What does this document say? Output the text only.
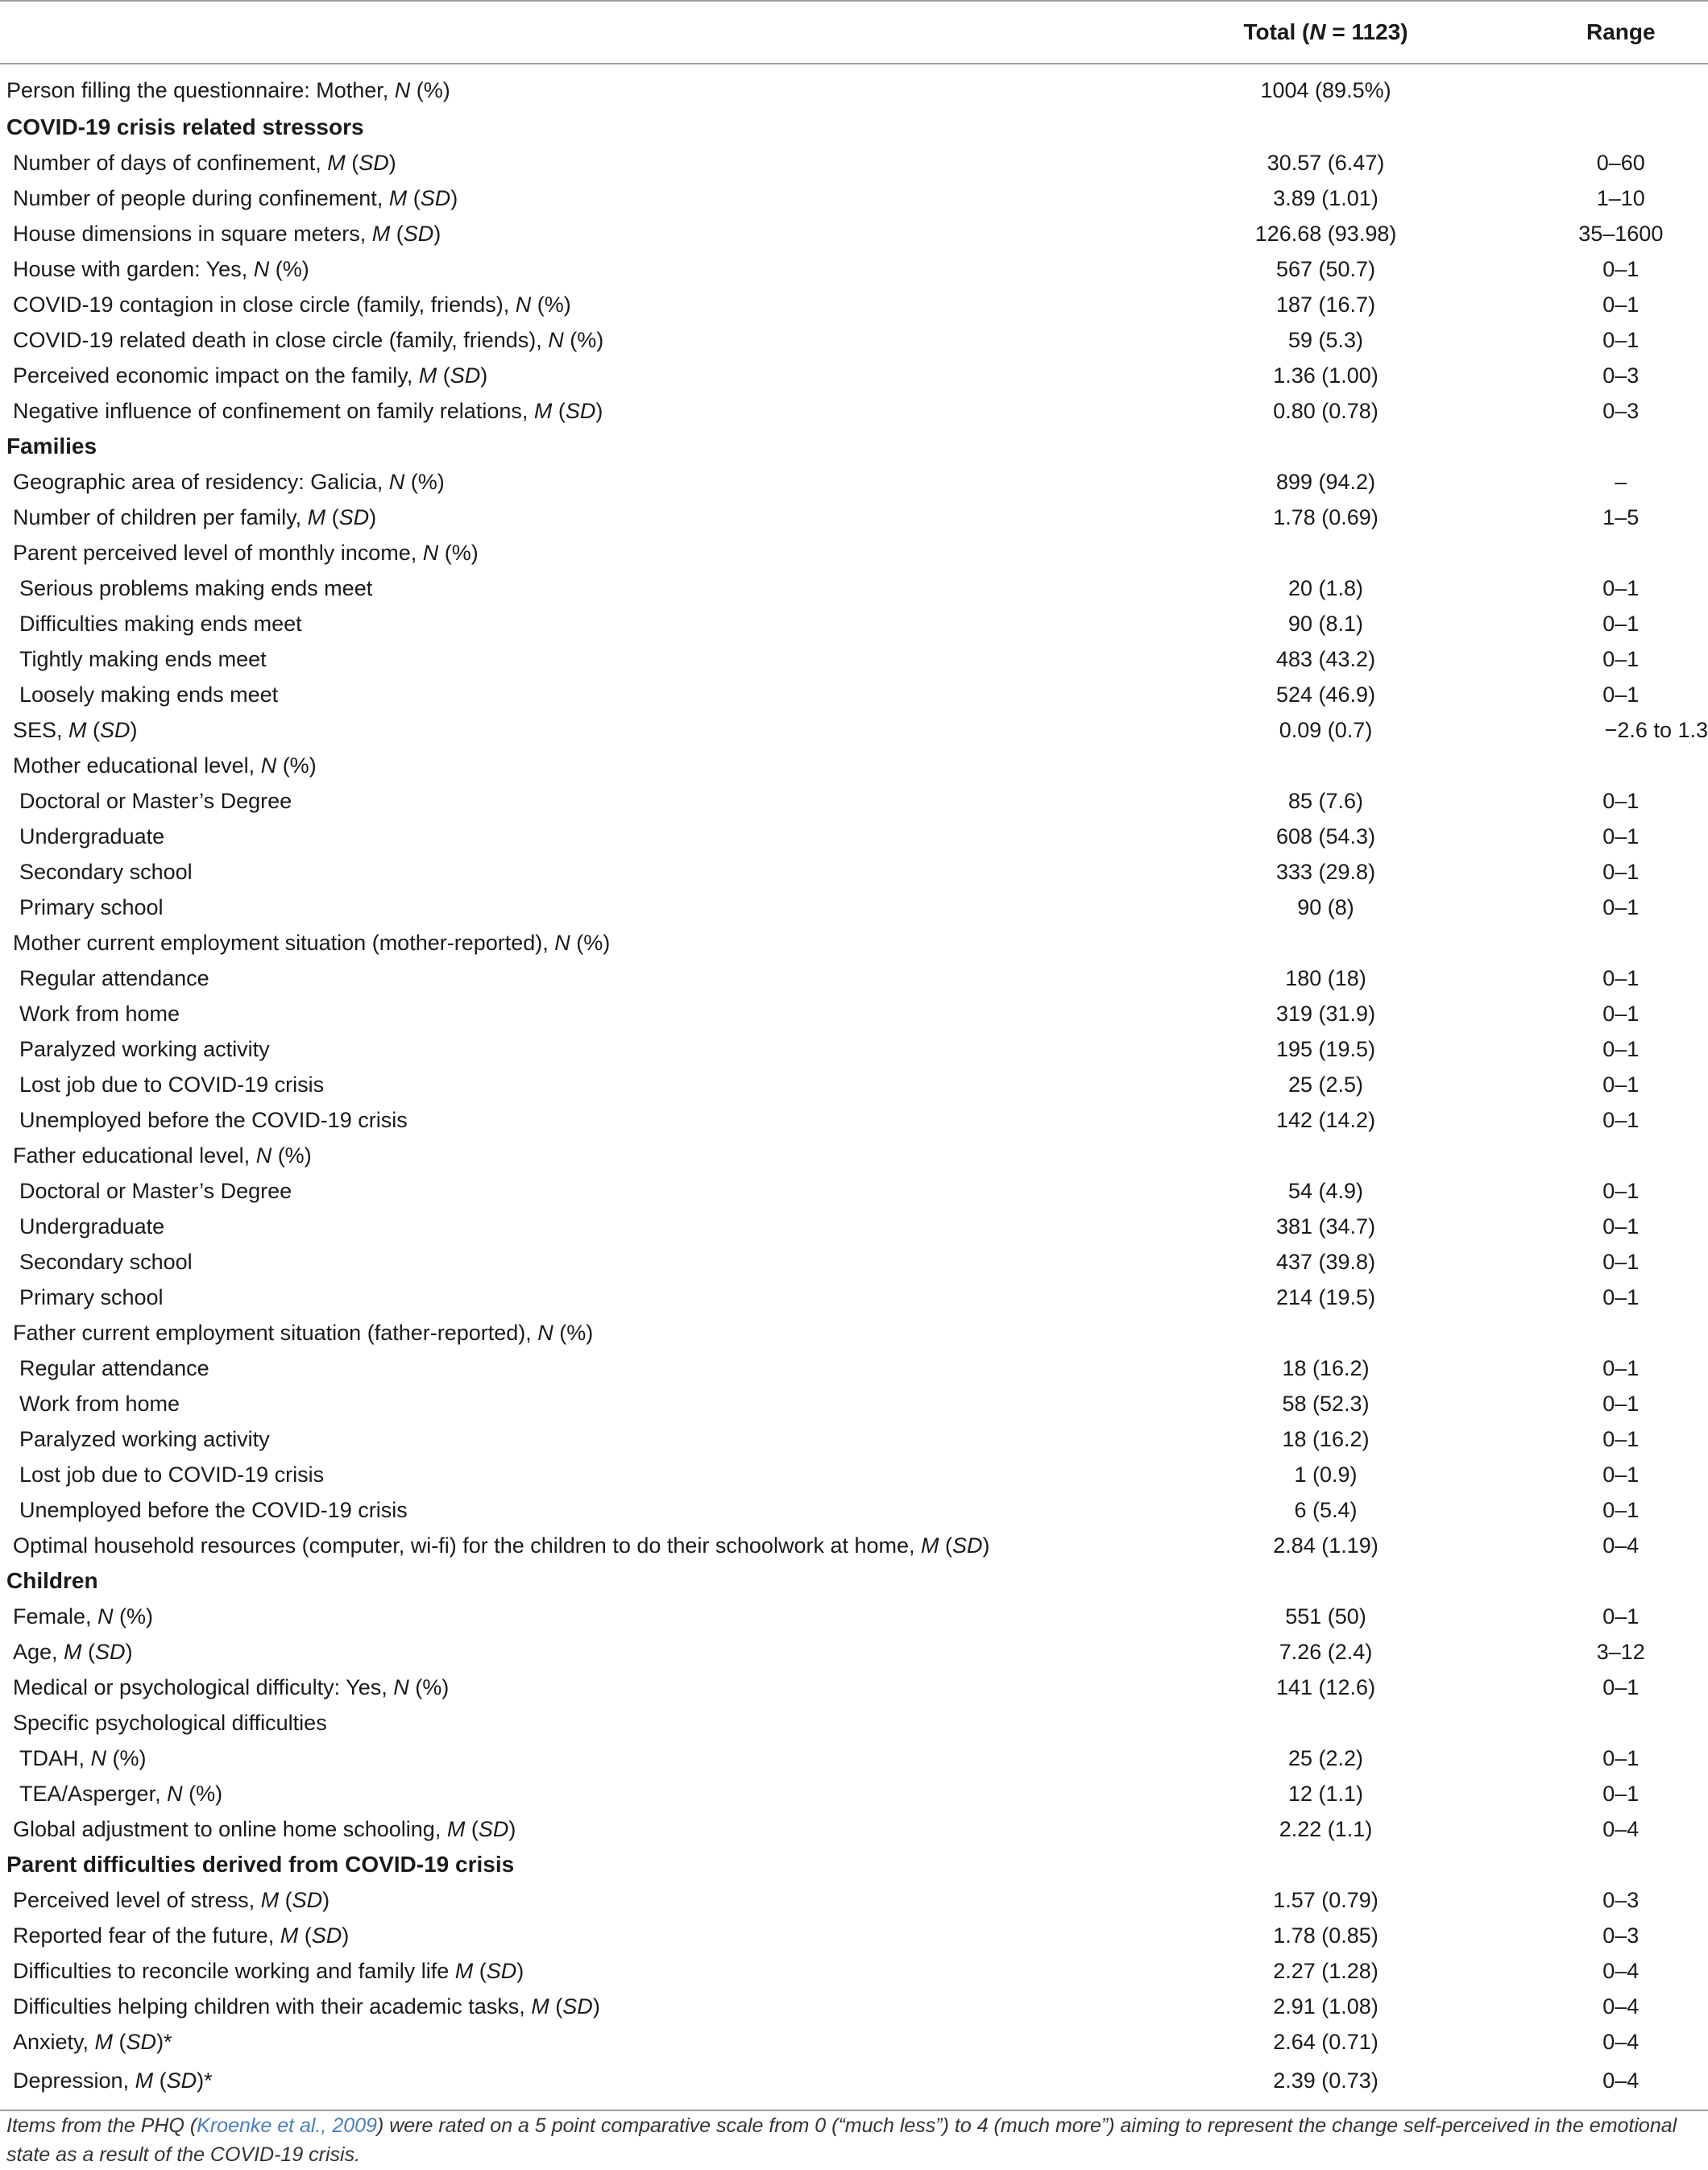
	Total (N = 1123)	Range
Person filling the questionnaire: Mother, N (%)	1004 (89.5%)	
COVID-19 crisis related stressors		
Number of days of confinement, M (SD)	30.57 (6.47)	0–60
Number of people during confinement, M (SD)	3.89 (1.01)	1–10
House dimensions in square meters, M (SD)	126.68 (93.98)	35–1600
House with garden: Yes, N (%)	567 (50.7)	0–1
COVID-19 contagion in close circle (family, friends), N (%)	187 (16.7)	0–1
COVID-19 related death in close circle (family, friends), N (%)	59 (5.3)	0–1
Perceived economic impact on the family, M (SD)	1.36 (1.00)	0–3
Negative influence of confinement on family relations, M (SD)	0.80 (0.78)	0–3
Families		
Geographic area of residency: Galicia, N (%)	899 (94.2)	–
Number of children per family, M (SD)	1.78 (0.69)	1–5
Parent perceived level of monthly income, N (%)		
Serious problems making ends meet	20 (1.8)	0–1
Difficulties making ends meet	90 (8.1)	0–1
Tightly making ends meet	483 (43.2)	0–1
Loosely making ends meet	524 (46.9)	0–1
SES, M (SD)	0.09 (0.7)	−2.6 to 1.3
Mother educational level, N (%)		
Doctoral or Master’s Degree	85 (7.6)	0–1
Undergraduate	608 (54.3)	0–1
Secondary school	333 (29.8)	0–1
Primary school	90 (8)	0–1
Mother current employment situation (mother-reported), N (%)		
Regular attendance	180 (18)	0–1
Work from home	319 (31.9)	0–1
Paralyzed working activity	195 (19.5)	0–1
Lost job due to COVID-19 crisis	25 (2.5)	0–1
Unemployed before the COVID-19 crisis	142 (14.2)	0–1
Father educational level, N (%)		
Doctoral or Master’s Degree	54 (4.9)	0–1
Undergraduate	381 (34.7)	0–1
Secondary school	437 (39.8)	0–1
Primary school	214 (19.5)	0–1
Father current employment situation (father-reported), N (%)		
Regular attendance	18 (16.2)	0–1
Work from home	58 (52.3)	0–1
Paralyzed working activity	18 (16.2)	0–1
Lost job due to COVID-19 crisis	1 (0.9)	0–1
Unemployed before the COVID-19 crisis	6 (5.4)	0–1
Optimal household resources (computer, wi-fi) for the children to do their schoolwork at home, M (SD)	2.84 (1.19)	0–4
Children		
Female, N (%)	551 (50)	0–1
Age, M (SD)	7.26 (2.4)	3–12
Medical or psychological difficulty: Yes, N (%)	141 (12.6)	0–1
Specific psychological difficulties		
TDAH, N (%)	25 (2.2)	0–1
TEA/Asperger, N (%)	12 (1.1)	0–1
Global adjustment to online home schooling, M (SD)	2.22 (1.1)	0–4
Parent difficulties derived from COVID-19 crisis		
Perceived level of stress, M (SD)	1.57 (0.79)	0–3
Reported fear of the future, M (SD)	1.78 (0.85)	0–3
Difficulties to reconcile working and family life M (SD)	2.27 (1.28)	0–4
Difficulties helping children with their academic tasks, M (SD)	2.91 (1.08)	0–4
Anxiety, M (SD)*	2.64 (0.71)	0–4
Depression, M (SD)*	2.39 (0.73)	0–4
Items from the PHQ (Kroenke et al., 2009) were rated on a 5 point comparative scale from 0 (“much less”) to 4 (much more”) aiming to represent the change self-perceived in the emotional state as a result of the COVID-19 crisis.
